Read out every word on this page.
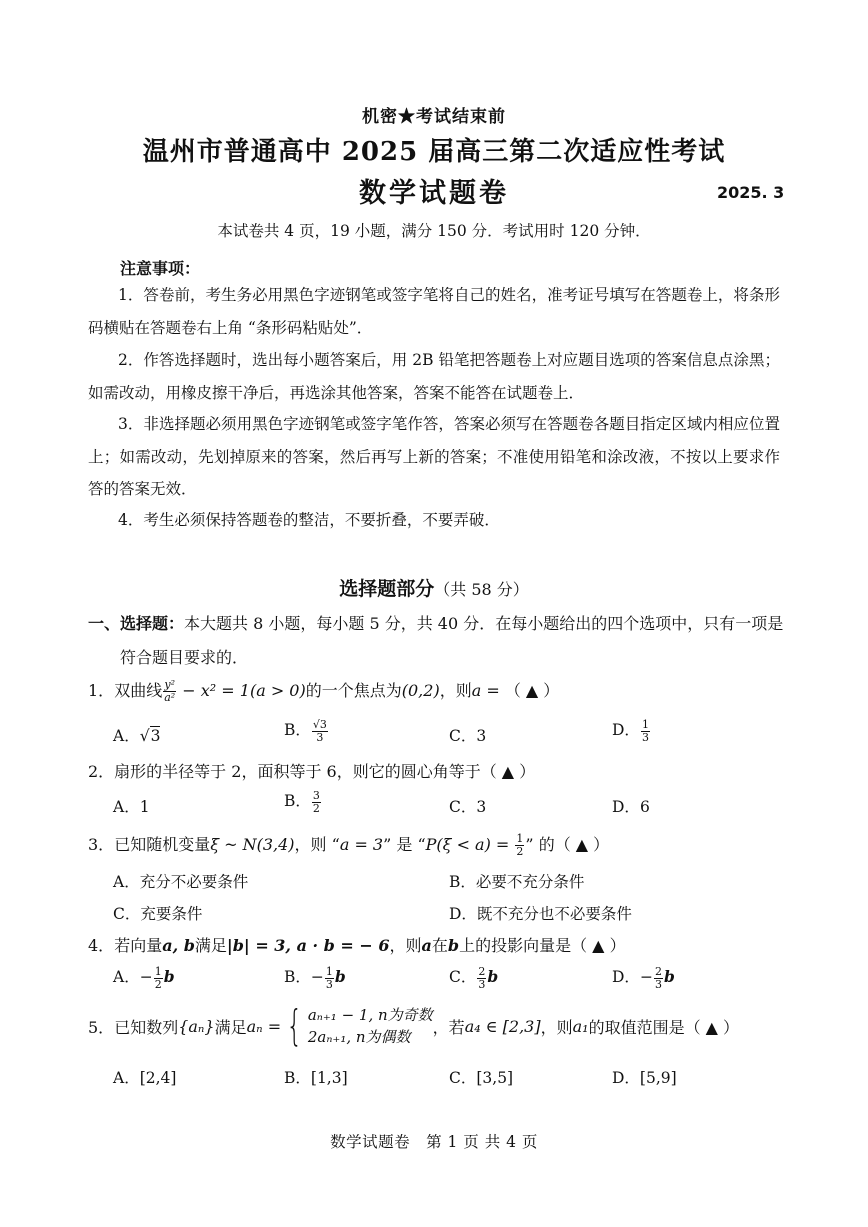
机密★考试结束前
温州市普通高中 2025 届高三第二次适应性考试
数学试题卷	2025. 3
本试卷共 4 页，19 小题，满分 150 分．考试用时 120 分钟．
注意事项：
1．答卷前，考生务必用黑色字迹钢笔或签字笔将自己的姓名，准考证号填写在答题卷上，将条形码横贴在答题卷右上角 “条形码粘贴处”．
2．作答选择题时，选出每小题答案后，用 2B 铅笔把答题卷上对应题目选项的答案信息点涂黑；如需改动，用橡皮擦干净后，再选涂其他答案，答案不能答在试题卷上．
3．非选择题必须用黑色字迹钢笔或签字笔作答，答案必须写在答题卷各题目指定区域内相应位置上；如需改动，先划掉原来的答案，然后再写上新的答案；不准使用铅笔和涂改液，不按以上要求作答的答案无效．
4．考生必须保持答题卷的整洁，不要折叠，不要弄破．
选择题部分（共 58 分）
一、选择题：本大题共 8 小题，每小题 5 分，共 40 分．在每小题给出的四个选项中，只有一项是
符合题目要求的．
1．双曲线 $\frac{\text{y²}}{\text{a²}} - x^2 = 1(a > 0)$的一个焦点为(0,2)，则a = （ ▲ ）
A．√3	B． $\frac{√3}{3}$	C．3	D． $\frac{1}{3}$
2．扇形的半径等于 2，面积等于 6，则它的圆心角等于（ ▲ ）
A．1	B． $\frac{3}{2}$	C．3	D．6
3．已知随机变量ξ ~ N(3,4)，则 “a = 3” 是 “$P(\xi < a) = \frac{1}{2}$ ” 的（ ▲ ）
A．充分不必要条件	B．必要不充分条件
C．充要条件	D．既不充分也不必要条件
4．若向量a, b满足|b| = 3, a · b = − 6，则a在b上的投影向量是（ ▲ ）
A．− $\frac{1}{2}$ b	B．− $\frac{1}{3}$ b	C． $\frac{2}{3}$ b	D．− $\frac{2}{3}$ b
5． 已知数列 {aₙ} 满足 aₙ = { aₙ₊₁ − 1, n为奇数
2aₙ₊₁, n为偶数
，若 a₄ ∈ [2,3] ，则 a₁ 的取值范围是（ ▲ ）
A．[2,4]	B．[1,3]	C．[3,5]	D．[5,9]
数学试题卷　第 1 页 共 4 页
